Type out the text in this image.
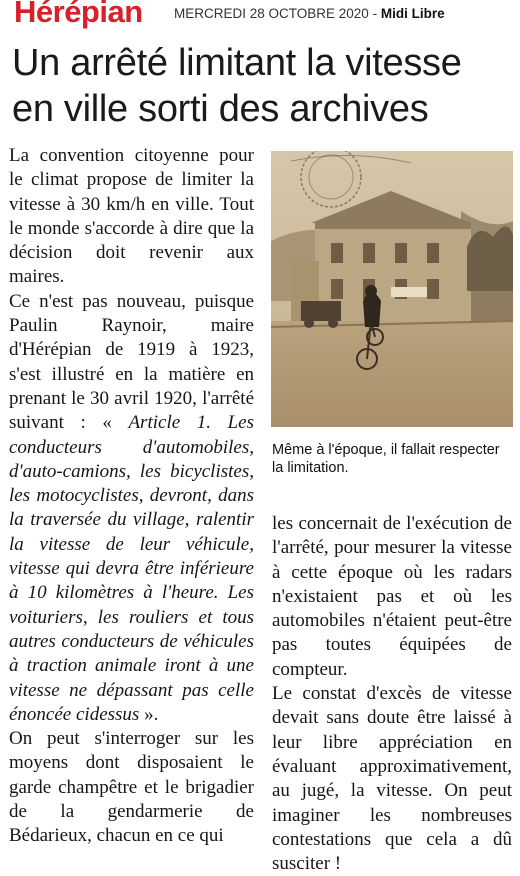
Hérépian MERCREDI 28 OCTOBRE 2020 - Midi Libre
Un arrêté limitant la vitesse en ville sorti des archives

La convention citoyenne pour le climat propose de limiter la vitesse à 30 km/h en ville. Tout le monde s'accorde à dire que la décision doit revenir aux maires.

Ce n'est pas nouveau, puisque Paulin Raynoir, maire d'Hérépian de 1919 à 1923, s'est illustré en la matière en prenant le 30 avril 1920, l'arrêté suivant : « Article 1. Les conducteurs d'automobiles, d'auto-camions, les bicyclistes, les motocyclistes, devront, dans la traversée du village, ralentir la vitesse de leur véhicule, vitesse qui devra être inférieure à 10 kilomètres à l'heure. Les voituriers, les rouliers et tous autres conducteurs de véhicules à traction animale iront à une vitesse ne dépassant pas celle énoncée cidessus ».

On peut s'interroger sur les moyens dont disposaient le garde champêtre et le brigadier de la gendarmerie de Bédarieux, chacun en ce qui

Même à l'époque, il fallait respecter la limitation.

les concernait de l'exécution de l'arrêté, pour mesurer la vitesse à cette époque où les radars n'existaient pas et où les automobiles n'étaient peut-être pas toutes équipées de compteur.

Le constat d'excès de vitesse devait sans doute être laissé à leur libre appréciation en évaluant approximativement, au jugé, la vitesse. On peut imaginer les nombreuses contestations que cela a dû susciter !
